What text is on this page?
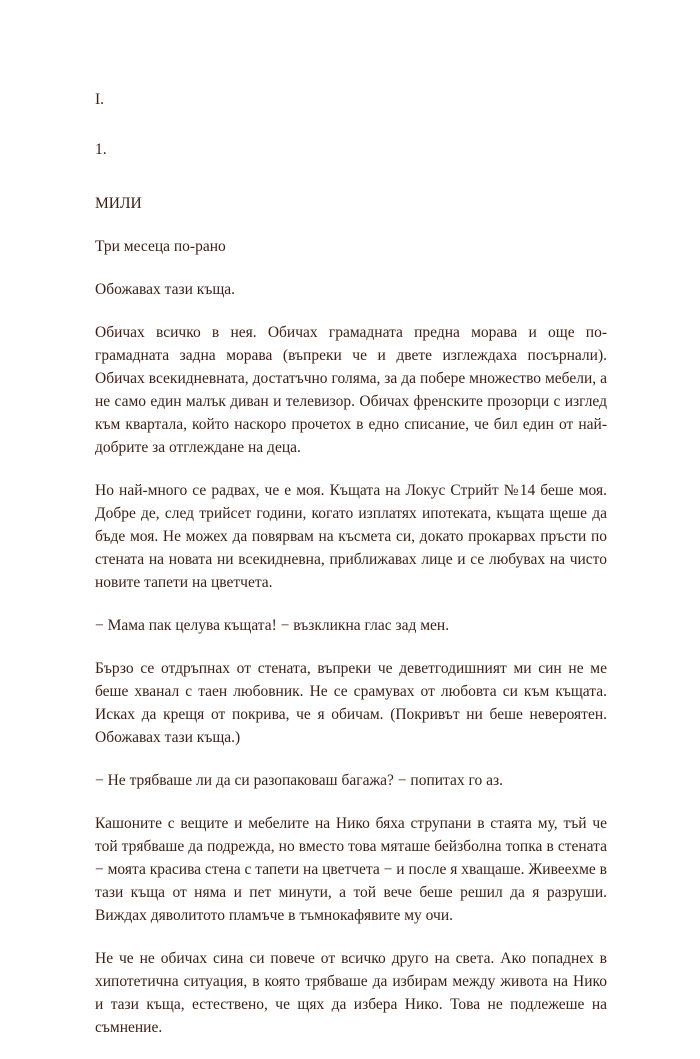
I.

1.

МИЛИ

Три месеца по-рано

Обожавах тази къща.

Обичах всичко в нея. Обичах грамадната предна морава и още по-грамадната задна морава (въпреки че и двете изглеждаха посърнали). Обичах всекидневната, достатъчно голяма, за да побере множество мебели, а не само един малък диван и телевизор. Обичах френските прозорци с изглед към квартала, който наскоро прочетох в едно списание, че бил един от най-добрите за отглеждане на деца.

Но най-много се радвах, че е моя. Къщата на Локус Стрийт №14 беше моя. Добре де, след трийсет години, когато изплатях ипотеката, къщата щеше да бъде моя. Не можех да повярвам на късмета си, докато прокарвах пръсти по стената на новата ни всекидневна, приближавах лице и се любувах на чисто новите тапети на цветчета.

− Мама пак целува къщата! − възкликна глас зад мен.

Бързо се отдръпнах от стената, въпреки че деветгодишният ми син не ме беше хванал с таен любовник. Не се срамувах от любовта си към къщата. Исках да крещя от покрива, че я обичам. (Покривът ни беше невероятен. Обожавах тази къща.)

− Не трябваше ли да си разопаковаш багажа? − попитах го аз.

Кашоните с вещите и мебелите на Нико бяха струпани в стаята му, тъй че той трябваше да подрежда, но вместо това мяташе бейзболна топка в стената − моята красива стена с тапети на цветчета − и после я хващаше. Живеехме в тази къща от няма и пет минути, а той вече беше решил да я разруши. Виждах дяволитото пламъче в тъмнокафявите му очи.

Не че не обичах сина си повече от всичко друго на света. Ако попаднех в хипотетична ситуация, в която трябваше да избирам между живота на Нико и тази къща, естествено, че щях да избера Нико. Това не подлежеше на съмнение.
